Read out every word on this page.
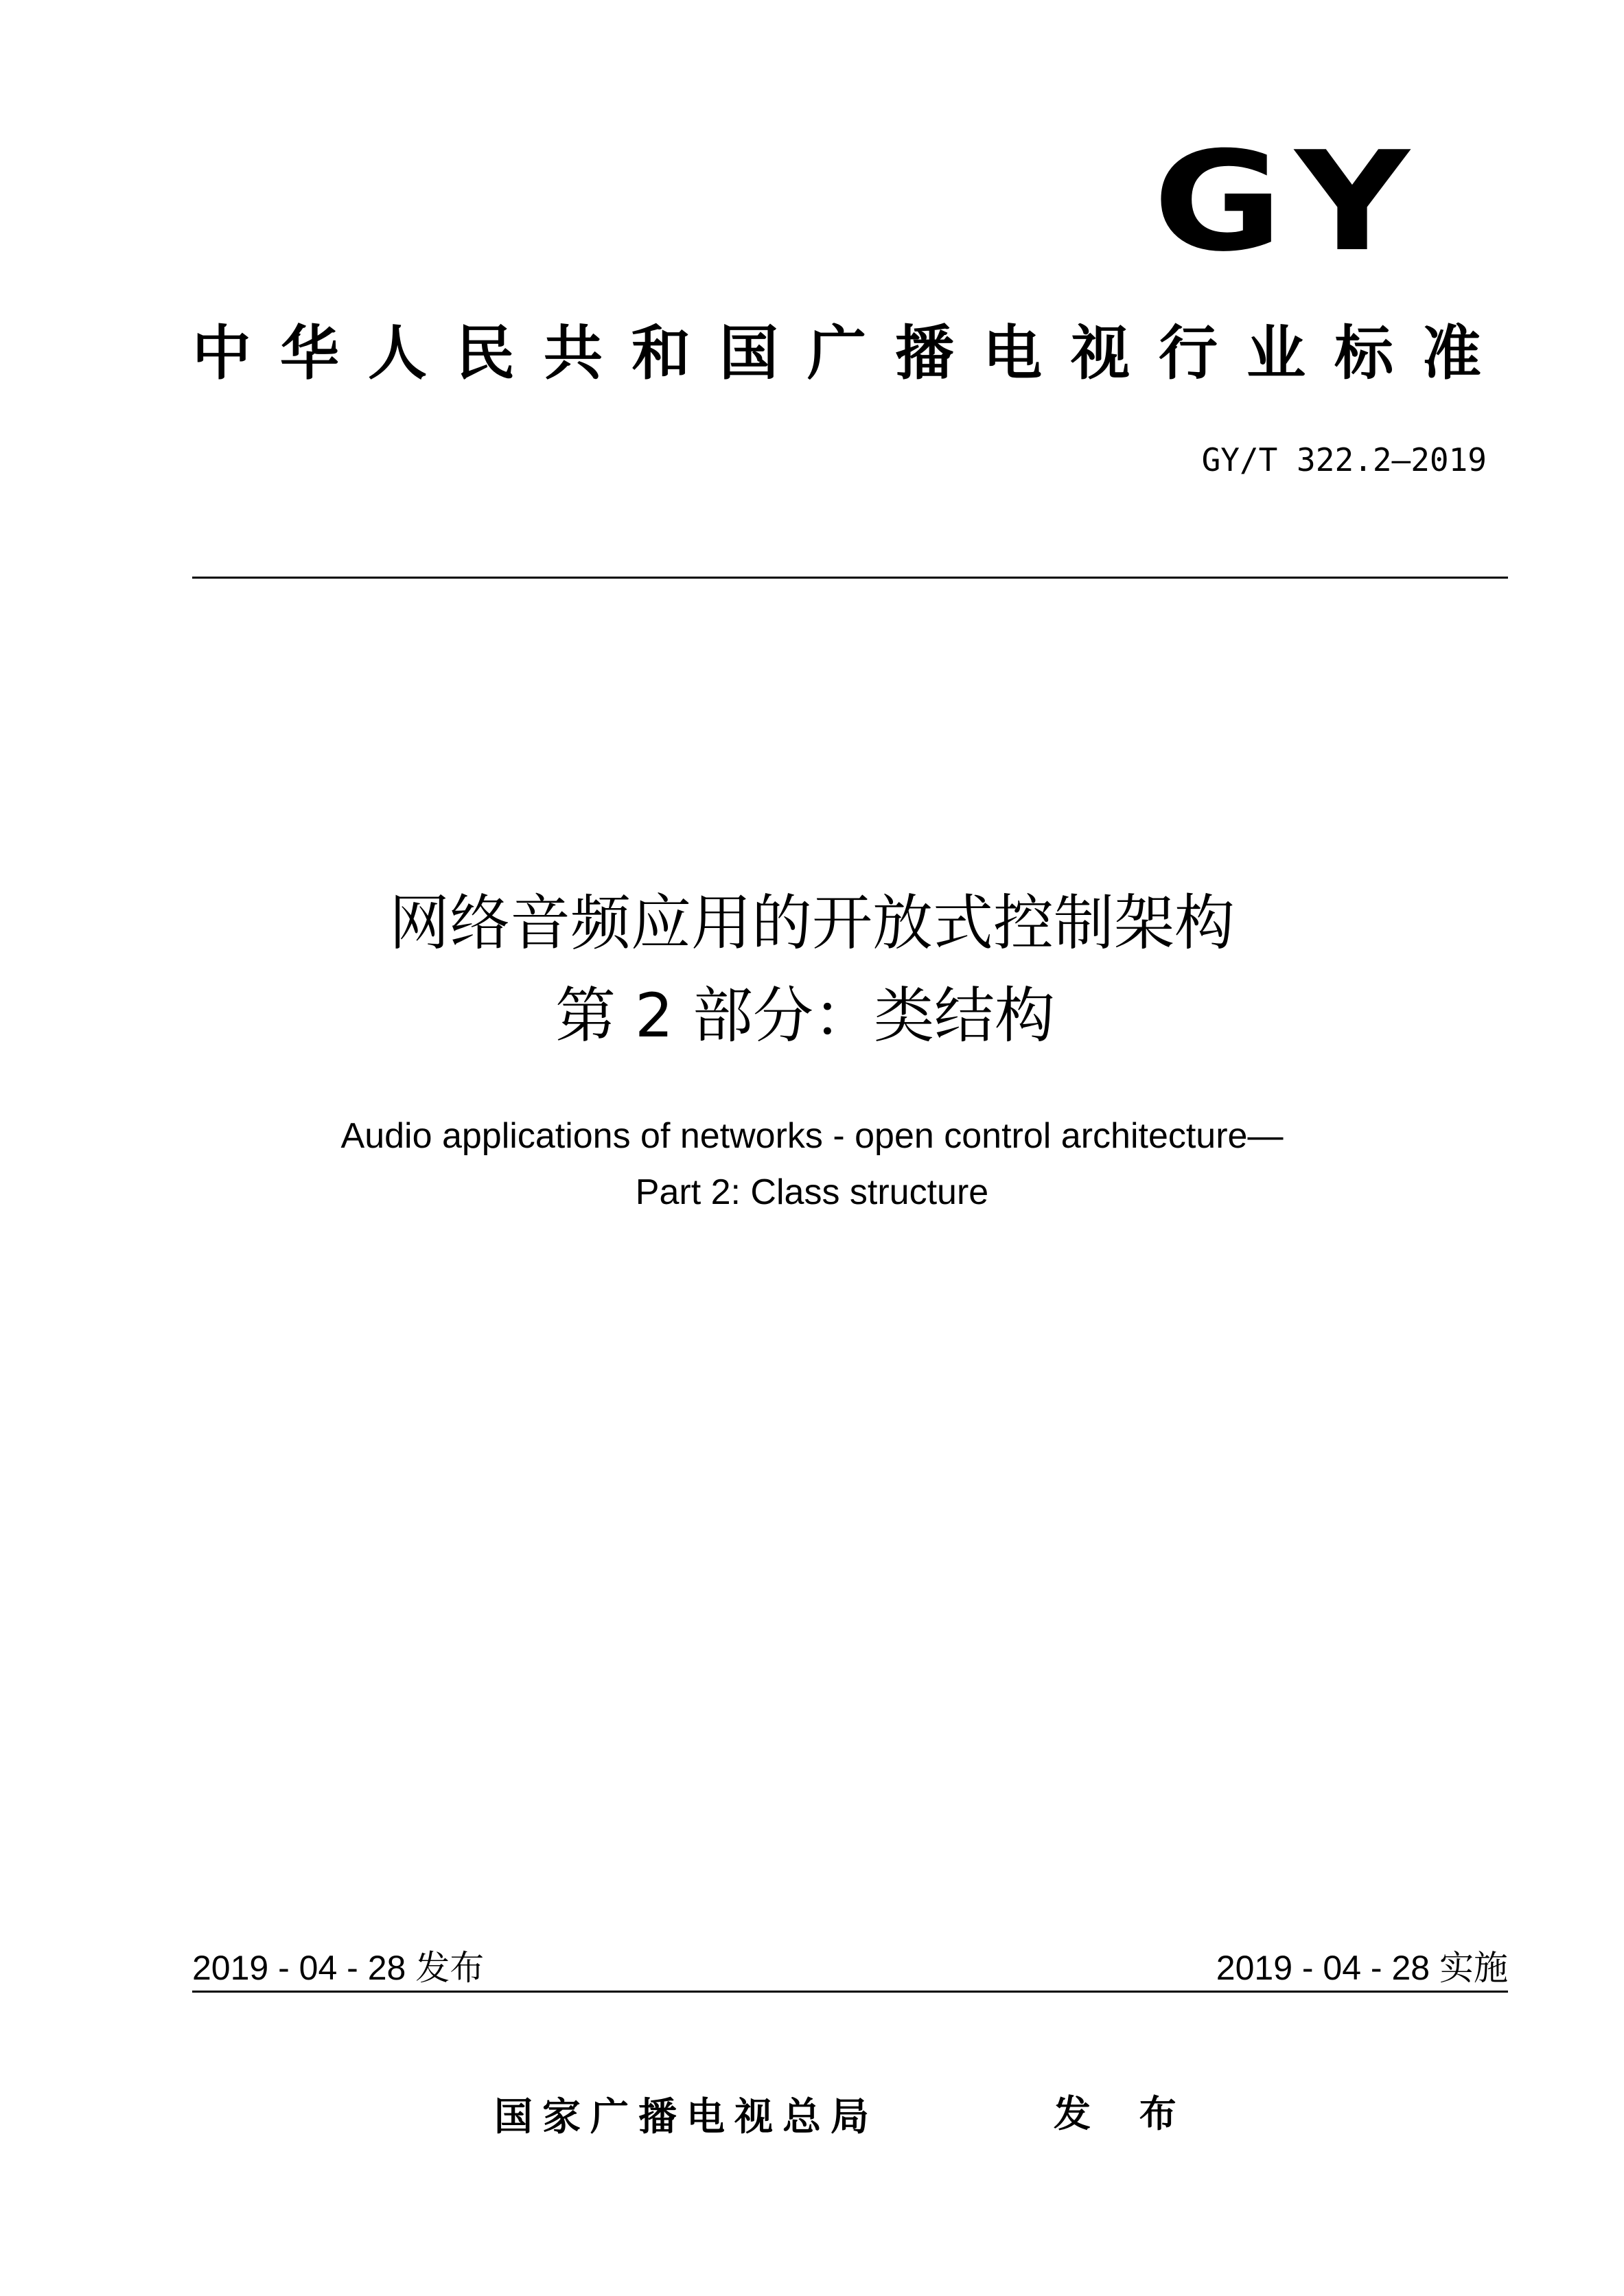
GY
中华人民共和国广播电视行业标准
GY/T 322.2—2019
网络音频应用的开放式控制架构
第 2 部分：类结构
Audio applications of networks - open control architecture—
Part 2: Class structure
2019 - 04 - 28 发布	2019 - 04 - 28 实施
国家广播电视总局	发 布
